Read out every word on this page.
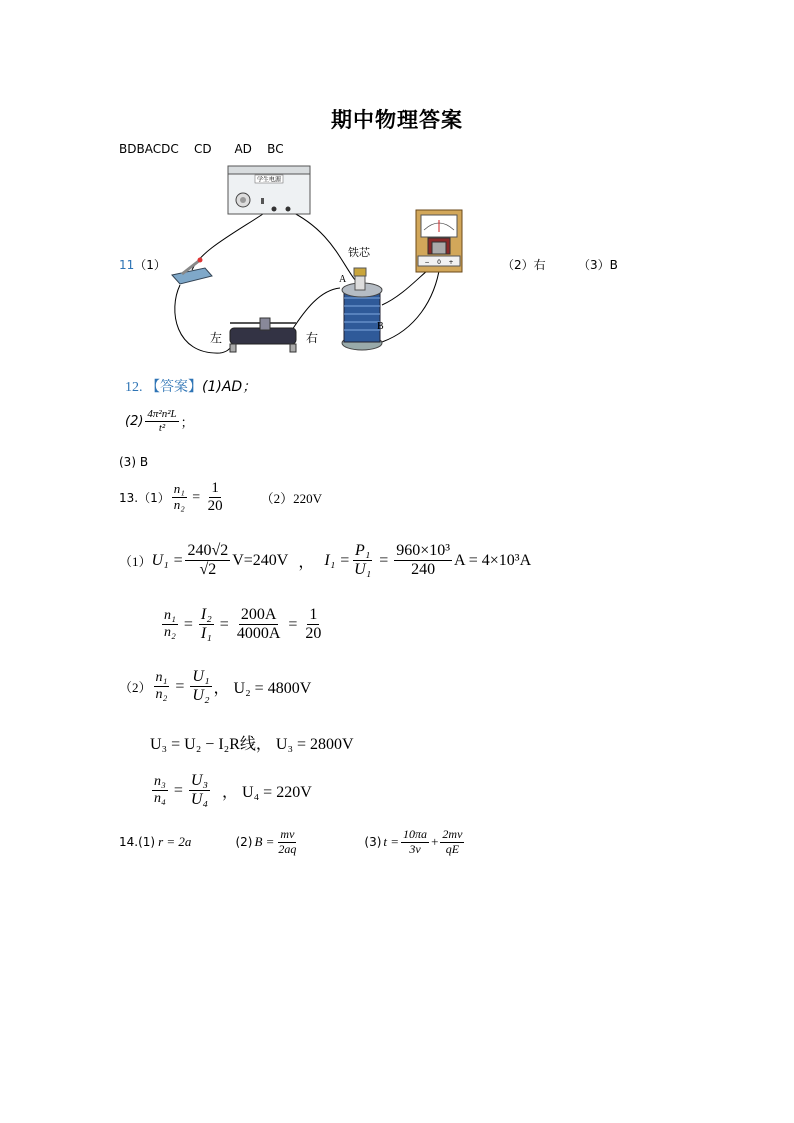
期中物理答案
BDBACDC    CD      AD    BC
11（1）	（2）右	（3）B
学生电源
左	右
铁芯
A
B
− 0 +
12. 【答案】(1)AD；
$(2) \frac{\text{4π²n²L}}{\text{t²}}$ ；
(3) B
$13.(1) \frac{\text{n₁}}{\text{n₂}} = \frac{1}{20}$	（2）220V
（1） $U_1 = \frac{240√2}{√2} V=240V$ ， $I_1 = \frac{\text{P₁}}{\text{U₁}} = \frac{\text{960×10³}}{240}$ A = 4×10³A
$\frac{\text{n₁}}{\text{n₂}} = \frac{\text{I₂}}{\text{I₁}} = \frac{200A}{4000A} = \frac{1}{20}$
$(2) \frac{\text{n₁}}{\text{n₂}} = \frac{\text{U₁}}{\text{U₂}}$ ， U₂ = 4800V
U₃ = U₂ − I₂R线， U₃ = 2800V
$\frac{\text{n₃}}{\text{n₄}} = \frac{\text{U₃}}{\text{U₄}}$ ， U₄ = 220V
14.(1) r = 2a	(2) $B = \frac{mv}{2aq}$	(3) $t = \frac{10\pi a}{3v} + \frac{2mv}{qE}$
